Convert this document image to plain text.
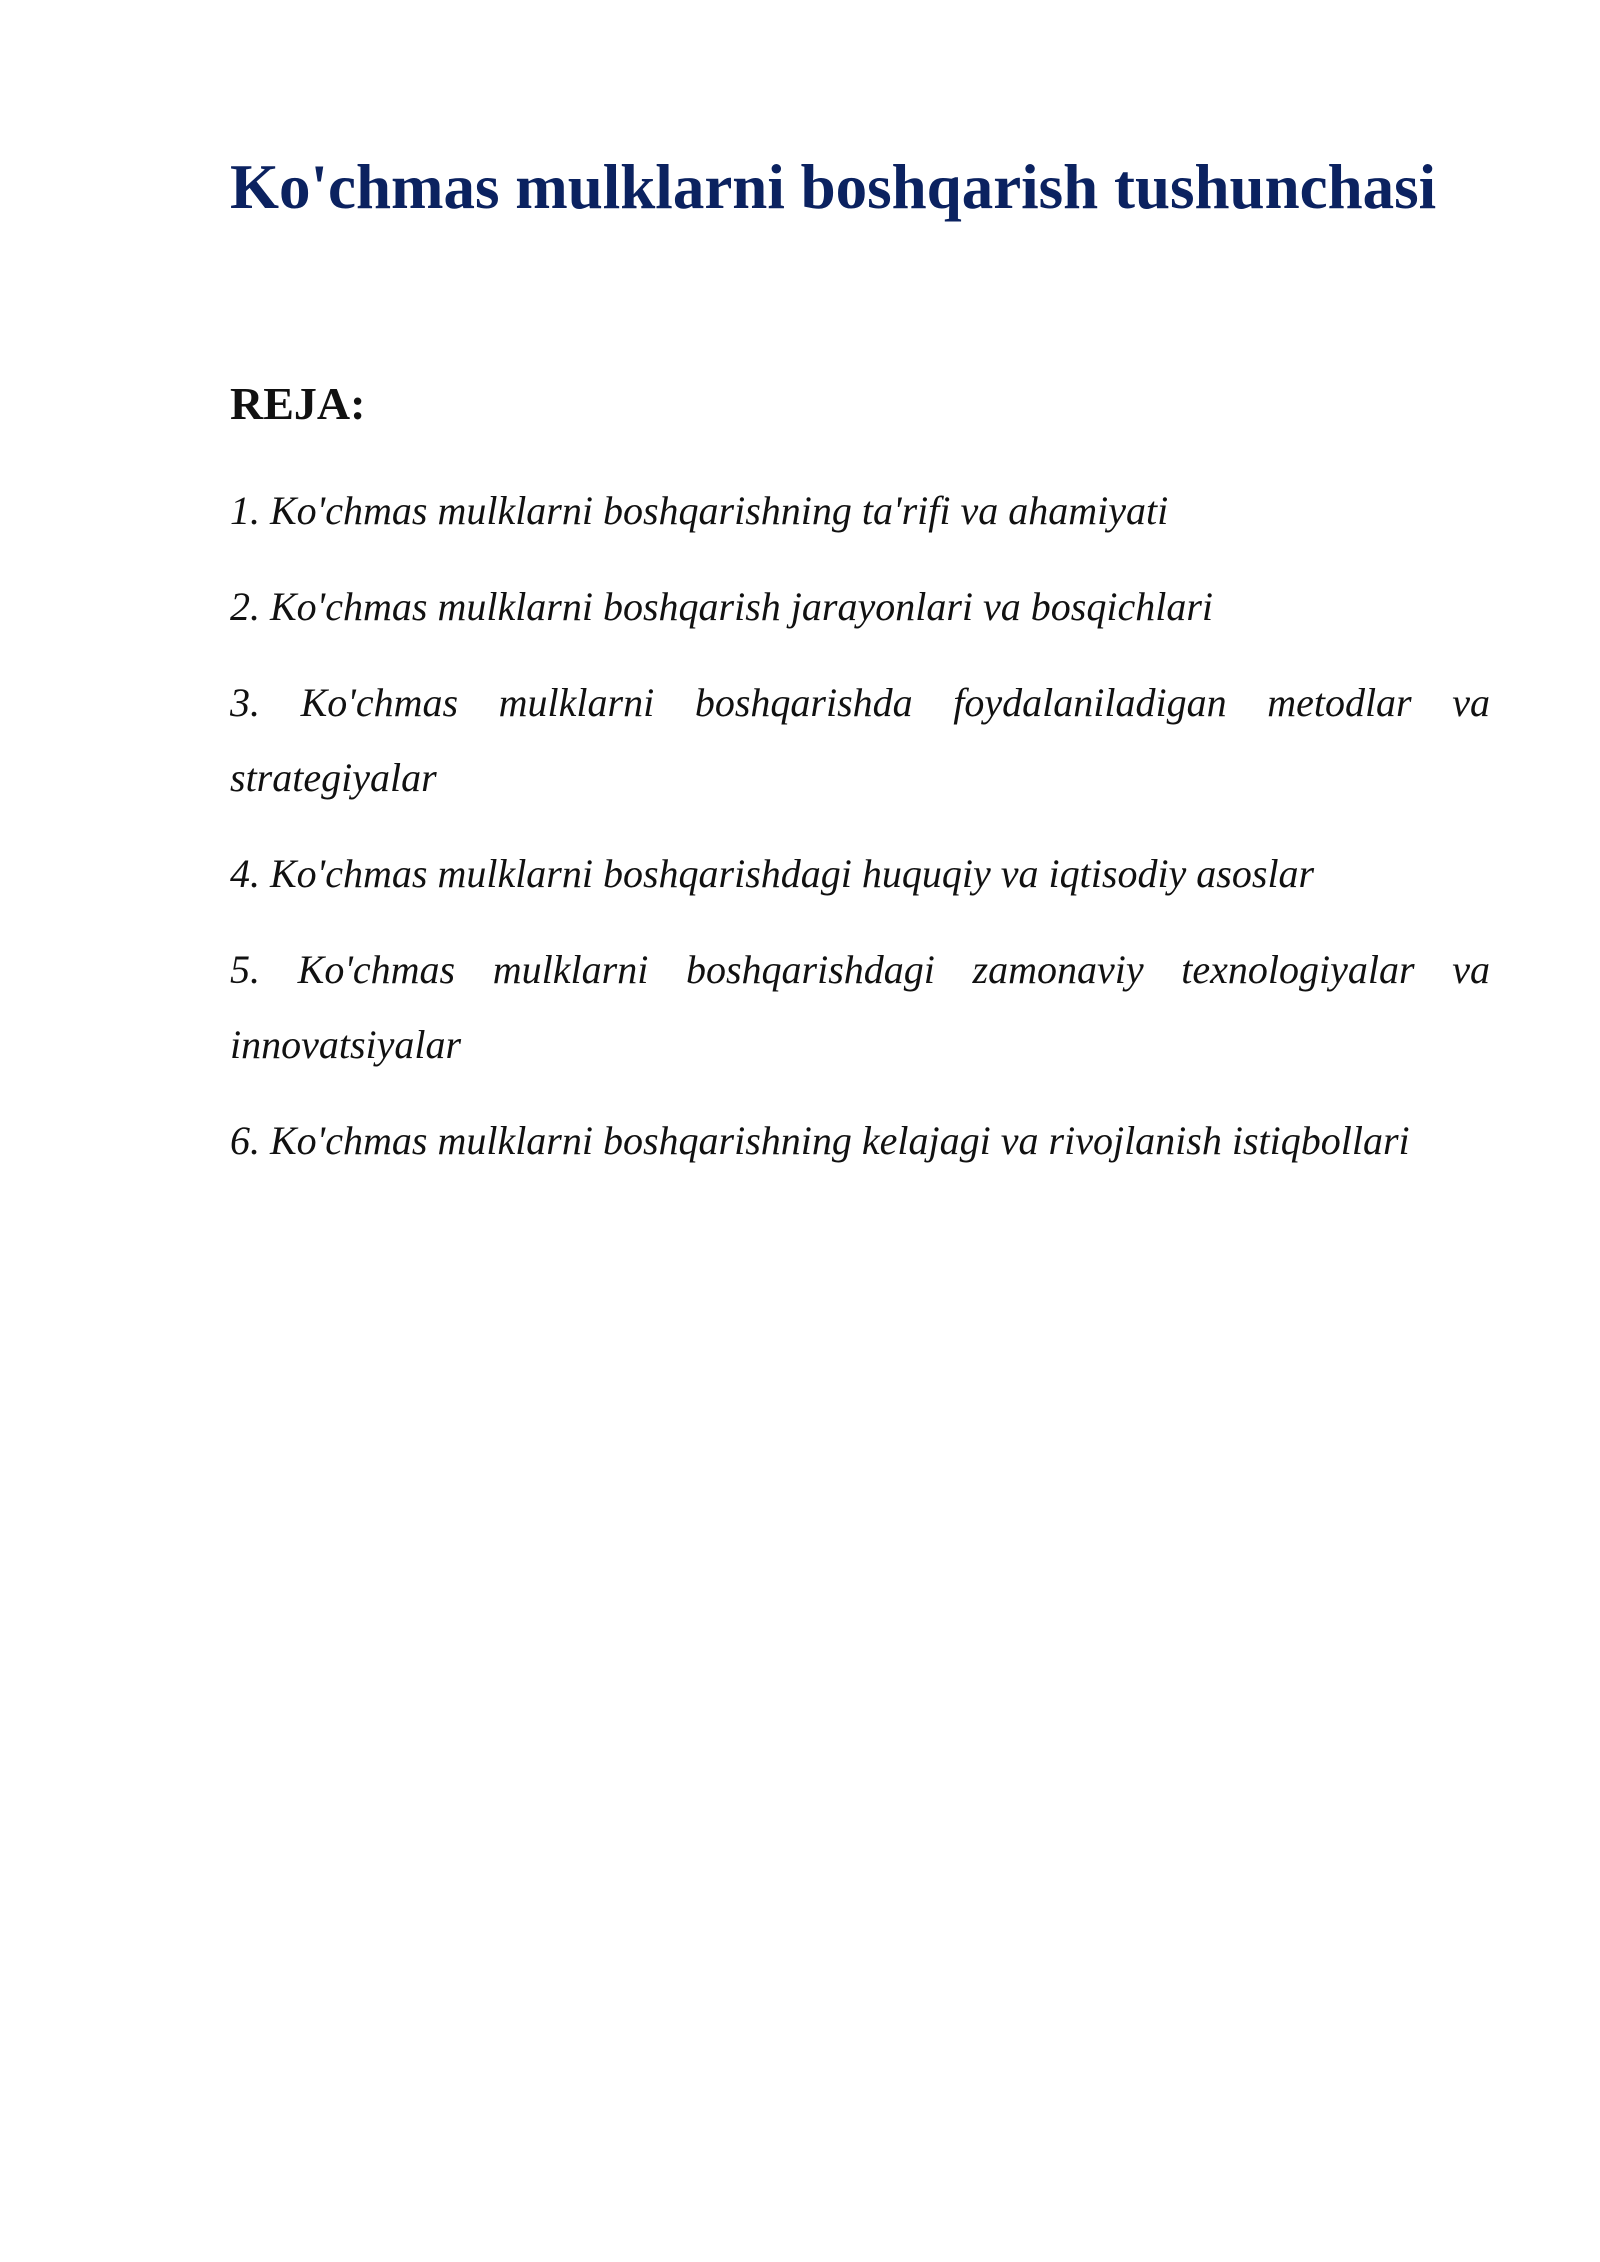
Ko'chmas mulklarni boshqarish tushunchasi
REJA:
1. Ko'chmas mulklarni boshqarishning ta'rifi va ahamiyati
2. Ko'chmas mulklarni boshqarish jarayonlari va bosqichlari
3. Ko'chmas mulklarni boshqarishda foydalaniladigan metodlar va strategiyalar
4. Ko'chmas mulklarni boshqarishdagi huquqiy va iqtisodiy asoslar
5. Ko'chmas mulklarni boshqarishdagi zamonaviy texnologiyalar va innovatsiyalar
6. Ko'chmas mulklarni boshqarishning kelajagi va rivojlanish istiqbollari
